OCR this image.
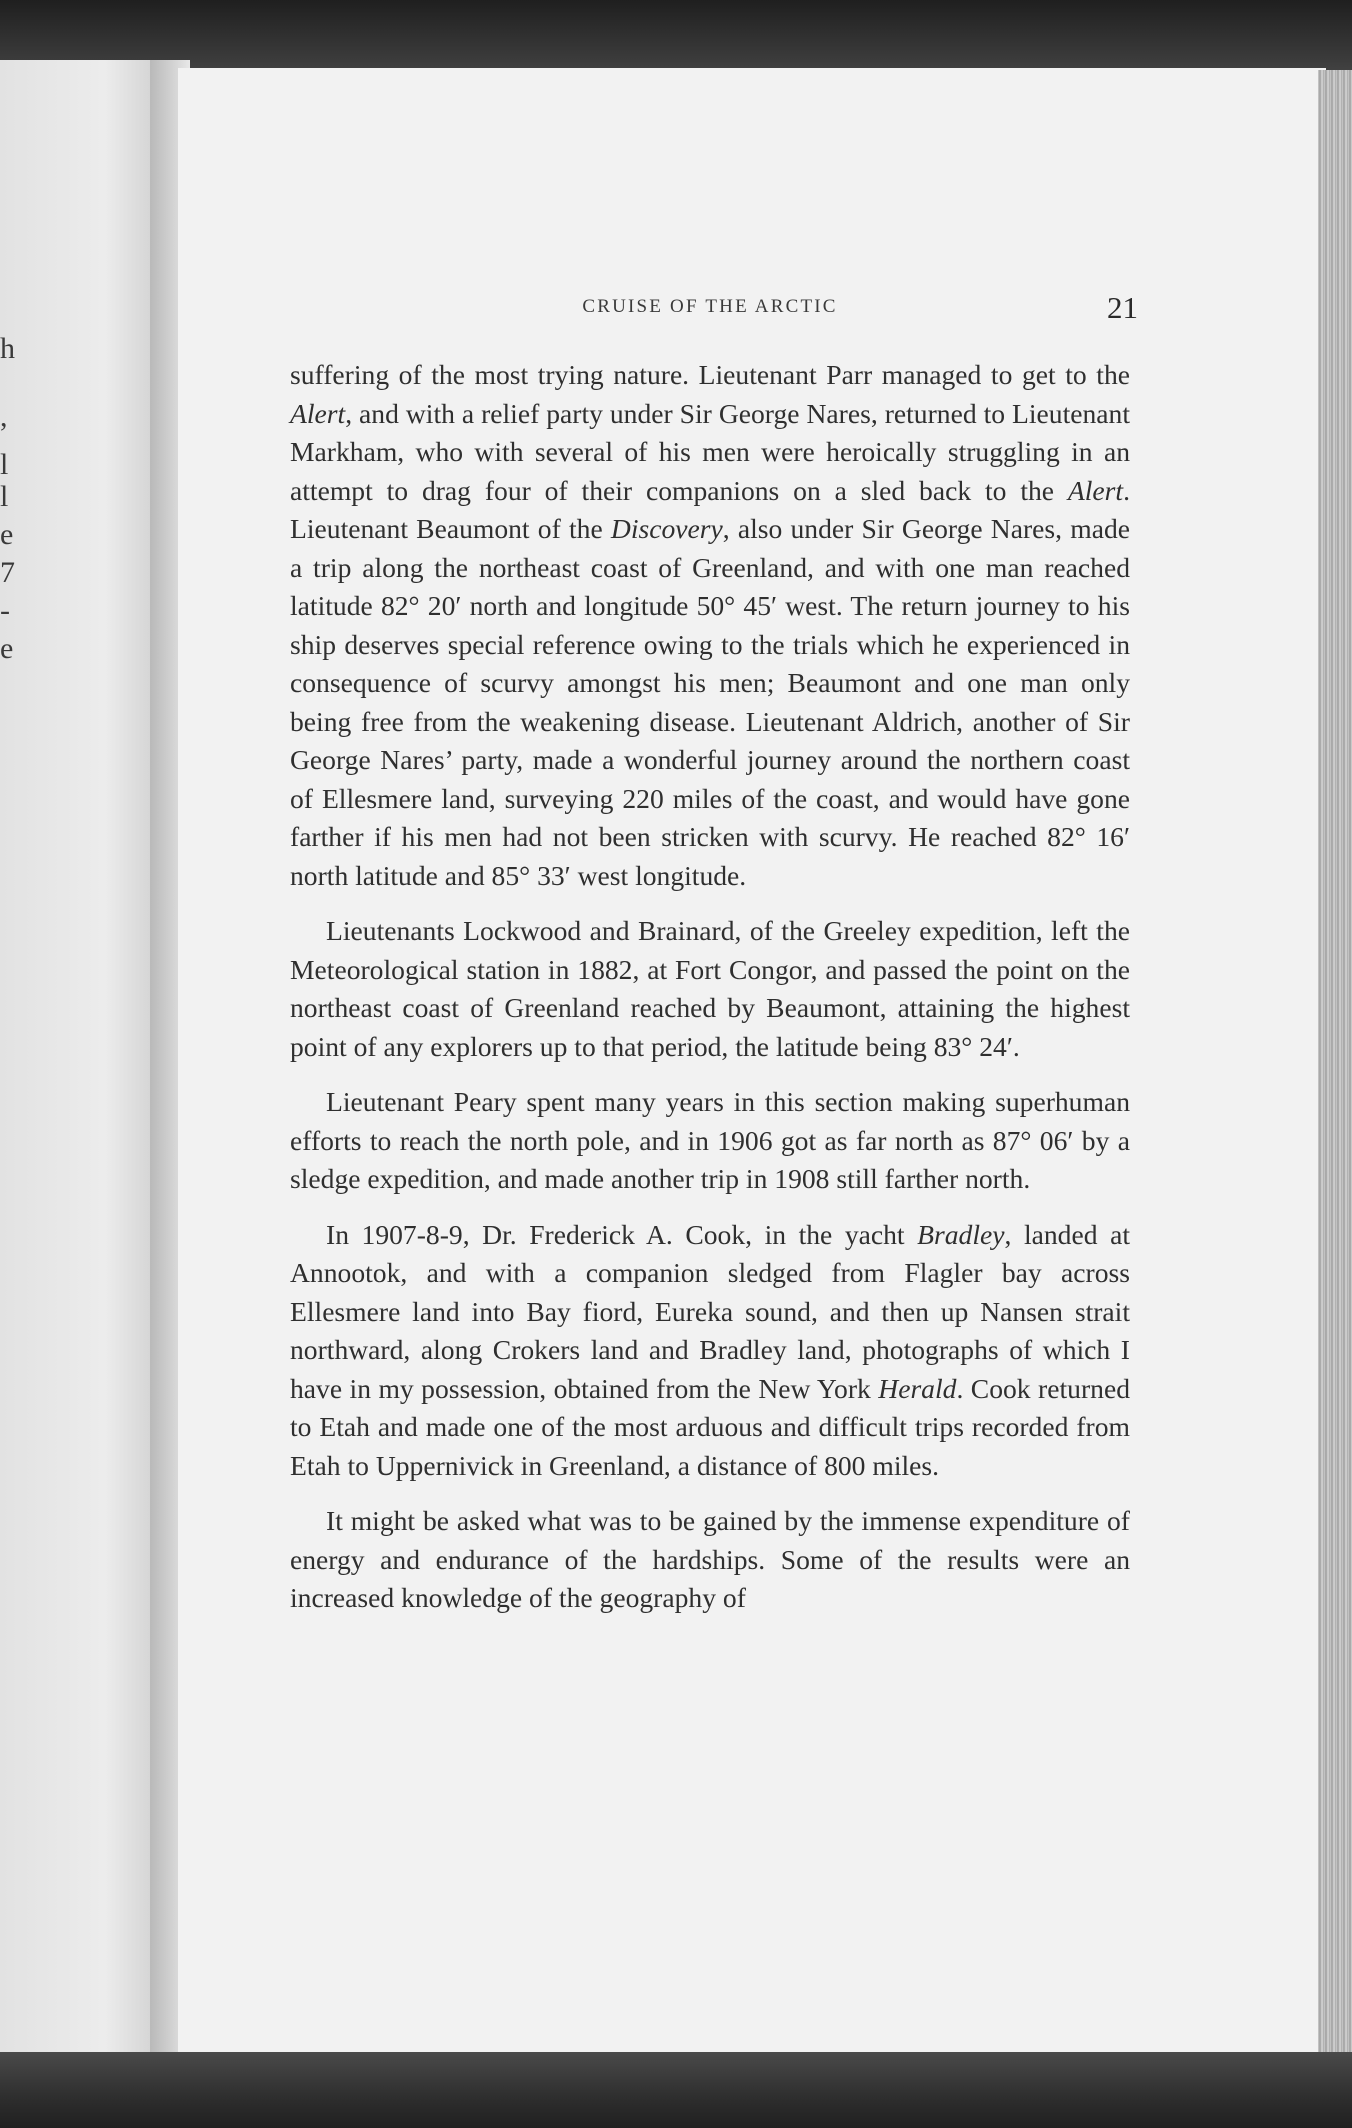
h
,
l
l
e
7
-
e
CRUISE OF THE ARCTIC	21

suffering of the most trying nature. Lieutenant Parr managed to get to the Alert, and with a relief party under Sir George Nares, returned to Lieutenant Markham, who with several of his men were heroically struggling in an attempt to drag four of their companions on a sled back to the Alert. Lieutenant Beaumont of the Discovery, also under Sir George Nares, made a trip along the northeast coast of Greenland, and with one man reached latitude 82° 20′ north and longitude 50° 45′ west. The return journey to his ship deserves special reference owing to the trials which he experienced in consequence of scurvy amongst his men; Beaumont and one man only being free from the weakening disease. Lieutenant Aldrich, another of Sir George Nares’ party, made a wonderful journey around the northern coast of Ellesmere land, surveying 220 miles of the coast, and would have gone farther if his men had not been stricken with scurvy. He reached 82° 16′ north latitude and 85° 33′ west longitude.

Lieutenants Lockwood and Brainard, of the Greeley expedition, left the Meteorological station in 1882, at Fort Congor, and passed the point on the northeast coast of Greenland reached by Beaumont, attaining the highest point of any explorers up to that period, the latitude being 83° 24′.

Lieutenant Peary spent many years in this section making superhuman efforts to reach the north pole, and in 1906 got as far north as 87° 06′ by a sledge expedition, and made another trip in 1908 still farther north.

In 1907-8-9, Dr. Frederick A. Cook, in the yacht Bradley, landed at Annootok, and with a companion sledged from Flagler bay across Ellesmere land into Bay fiord, Eureka sound, and then up Nansen strait northward, along Crokers land and Bradley land, photographs of which I have in my possession, obtained from the New York Herald. Cook returned to Etah and made one of the most arduous and difficult trips recorded from Etah to Uppernivick in Greenland, a distance of 800 miles.

It might be asked what was to be gained by the immense expenditure of energy and endurance of the hardships. Some of the results were an increased knowledge of the geography of
